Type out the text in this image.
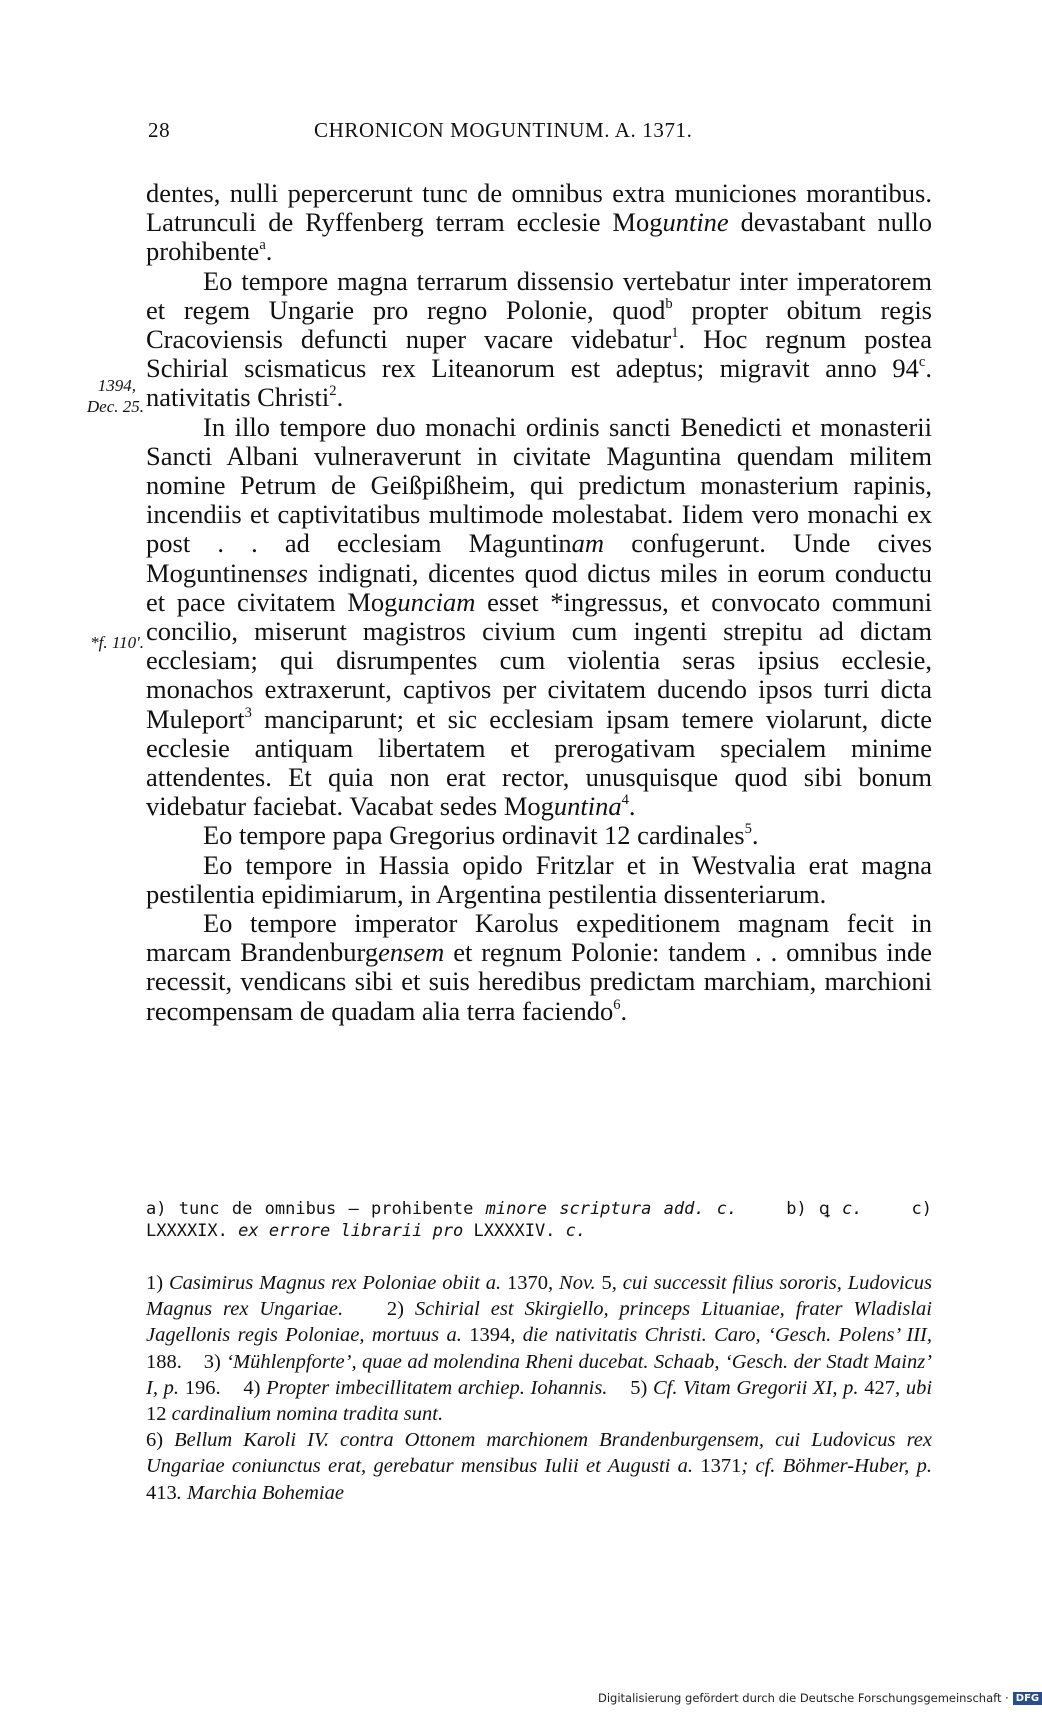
28	CHRONICON MOGUNTINUM. A. 1371.
1394,
Dec. 25.
*f. 110'.

dentes, nulli pepercerunt tunc de omnibus extra municiones morantibus. Latrunculi de Ryffenberg terram ecclesie Moguntine devastabant nullo prohibente$^a$.

Eo tempore magna terrarum dissensio vertebatur inter imperatorem et regem Ungarie pro regno Polonie, quod$^b$ propter obitum regis Cracoviensis defuncti nuper vacare videbatur$^1$. Hoc regnum postea Schirial scismaticus rex Liteanorum est adeptus; migravit anno 94$^c$. nativitatis Christi$^2$.

In illo tempore duo monachi ordinis sancti Benedicti et monasterii Sancti Albani vulneraverunt in civitate Maguntina quendam militem nomine Petrum de Geißpißheim, qui predictum monasterium rapinis, incendiis et captivitatibus multimode molestabat. Iidem vero monachi ex post . . ad ecclesiam Maguntinam confugerunt. Unde cives Moguntinenses indignati, dicentes quod dictus miles in eorum conductu et pace civitatem Mogunciam esset *ingressus, et convocato communi concilio, miserunt magistros civium cum ingenti strepitu ad dictam ecclesiam; qui disrumpentes cum violentia seras ipsius ecclesie, monachos extraxerunt, captivos per civitatem ducendo ipsos turri dicta Muleport$^3$ manciparunt; et sic ecclesiam ipsam temere violarunt, dicte ecclesie antiquam libertatem et prerogativam specialem minime attendentes. Et quia non erat rector, unusquisque quod sibi bonum videbatur faciebat. Vacabat sedes Moguntina$^4$.

Eo tempore papa Gregorius ordinavit 12 cardinales$^5$.

Eo tempore in Hassia opido Fritzlar et in Westvalia erat magna pestilentia epidimiarum, in Argentina pestilentia dissenteriarum.

Eo tempore imperator Karolus expeditionem magnam fecit in marcam Brandenburgensem et regnum Polonie: tandem . . omnibus inde recessit, vendicans sibi et suis heredibus predictam marchiam, marchioni recompensam de quadam alia terra faciendo$^6$.

a) tunc de omnibus — prohibente minore scriptura add. c.	b) ꝗ c.	c) LXXXXIX. ex errore librarii pro LXXXXIV. c.
1) Casimirus Magnus rex Poloniae obiit a. 1370, Nov. 5, cui successit filius sororis, Ludovicus Magnus rex Ungariae. 2) Schirial est Skirgiello, princeps Lituaniae, frater Wladislai Jagellonis regis Poloniae, mortuus a. 1394, die nativitatis Christi. Caro, ‘Gesch. Polens’ III, 188. 3) ‘Mühlenpforte’, quae ad molendina Rheni ducebat. Schaab, ‘Gesch. der Stadt Mainz’ I, p. 196. 4) Propter imbecillitatem archiep. Iohannis. 5) Cf. Vitam Gregorii XI, p. 427, ubi 12 cardinalium nomina tradita sunt.
6) Bellum Karoli IV. contra Ottonem marchionem Brandenburgensem, cui Ludovicus rex Ungariae coniunctus erat, gerebatur mensibus Iulii et Augusti a. 1371; cf. Böhmer-Huber, p. 413. Marchia Bohemiae
Digitalisierung gefördert durch die Deutsche Forschungsgemeinschaft · DFG
